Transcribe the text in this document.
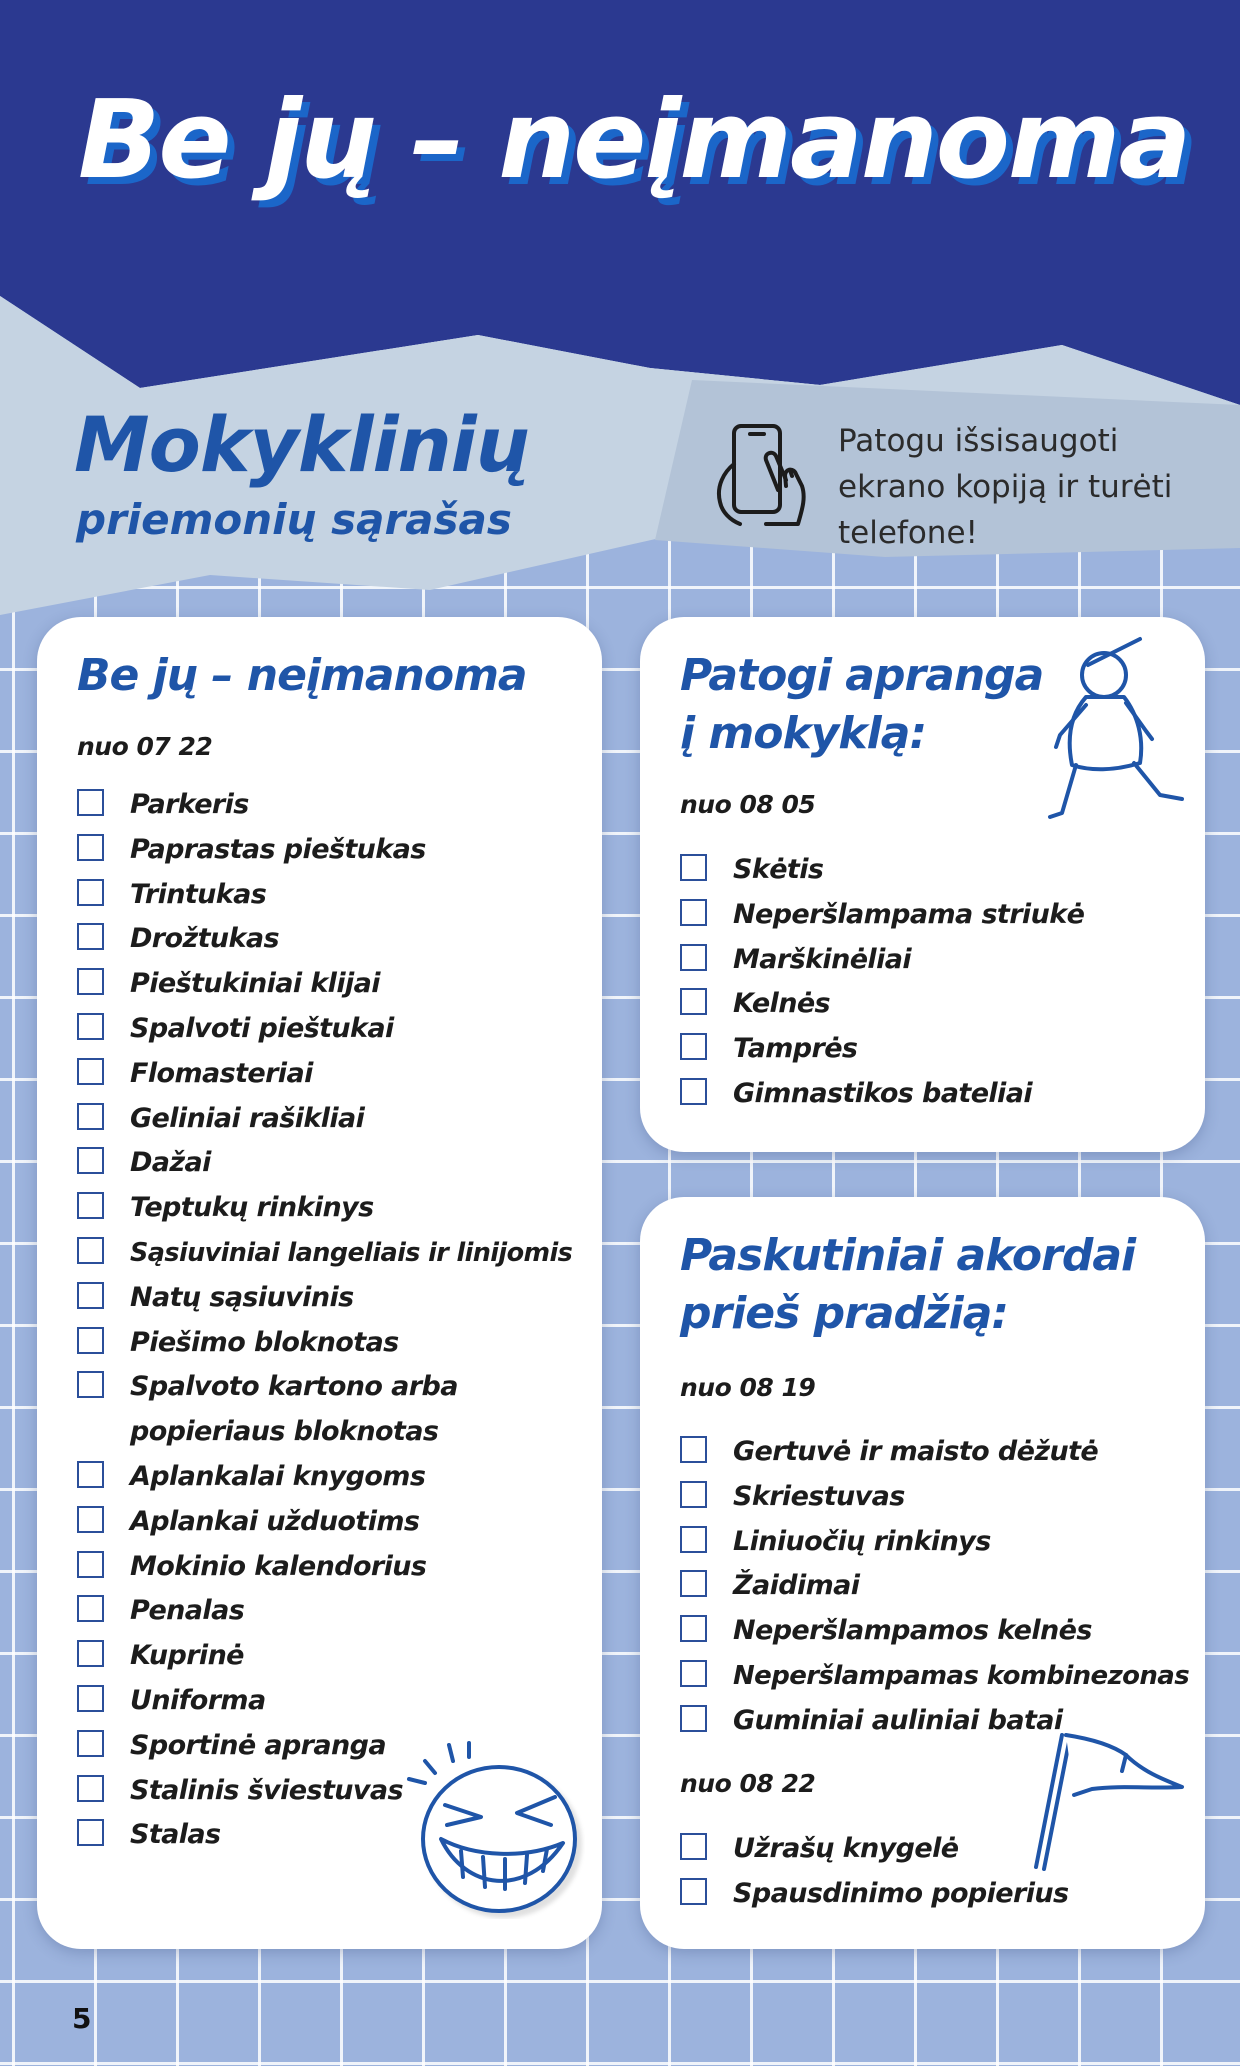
Be jų – neįmanoma
Mokyklinių
priemonių sąrašas
Patogu išsisaugoti ekrano kopiją ir turėti telefone!
Be jų – neįmanoma
nuo 07 22
Parkeris
Paprastas pieštukas
Trintukas
Drožtukas
Pieštukiniai klijai
Spalvoti pieštukai
Flomasteriai
Geliniai rašikliai
Dažai
Teptukų rinkinys
Sąsiuviniai langeliais ir linijomis
Natų sąsiuvinis
Piešimo bloknotas
Spalvoto kartono arba
popieriaus bloknotas
Aplankalai knygoms
Aplankai užduotims
Mokinio kalendorius
Penalas
Kuprinė
Uniforma
Sportinė apranga
Stalinis šviestuvas
Stalas
Patogi apranga
į mokyklą:
nuo 08 05
Skėtis
Neperšlampama striukė
Marškinėliai
Kelnės
Tamprės
Gimnastikos bateliai
Paskutiniai akordai
prieš pradžią:
nuo 08 19
Gertuvė ir maisto dėžutė
Skriestuvas
Liniuočių rinkinys
Žaidimai
Neperšlampamos kelnės
Neperšlampamas kombinezonas
Guminiai auliniai batai
nuo 08 22
Užrašų knygelė
Spausdinimo popierius
5
